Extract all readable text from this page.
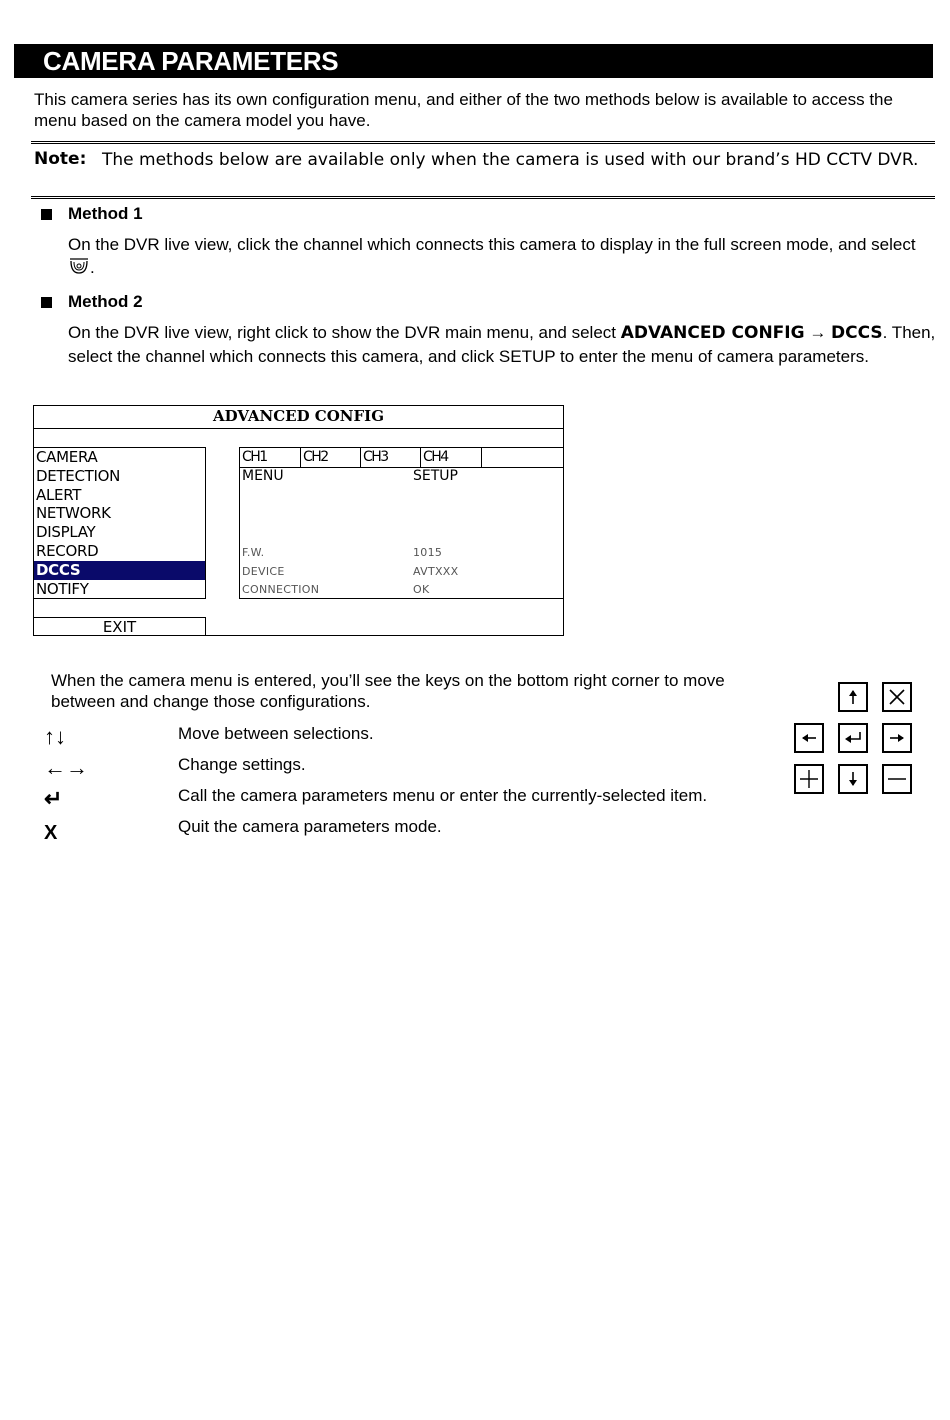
CAMERA PARAMETERS
This camera series has its own configuration menu, and either of the two methods below is available to access the menu based on the camera model you have.
Note: The methods below are available only when the camera is used with our brand’s HD CCTV DVR.
Method 1
On the DVR live view, click the channel which connects this camera to display in the full screen mode, and select .
Method 2
On the DVR live view, right click to show the DVR main menu, and select ADVANCED CONFIG → DCCS. Then, select the channel which connects this camera, and click SETUP to enter the menu of camera parameters.
ADVANCED CONFIG
CAMERA
DETECTION
ALERT
NETWORK
DISPLAY
RECORD
DCCS
NOTIFY
CH1	CH2	CH3	CH4
MENU	SETUP
F.W.	1015
DEVICE	AVTXXX
CONNECTION	OK
EXIT
When the camera menu is entered, you’ll see the keys on the bottom right corner to move between and change those configurations.
↑↓	Move between selections.
←→	Change settings.
↵	Call the camera parameters menu or enter the currently-selected item.
X	Quit the camera parameters mode.
